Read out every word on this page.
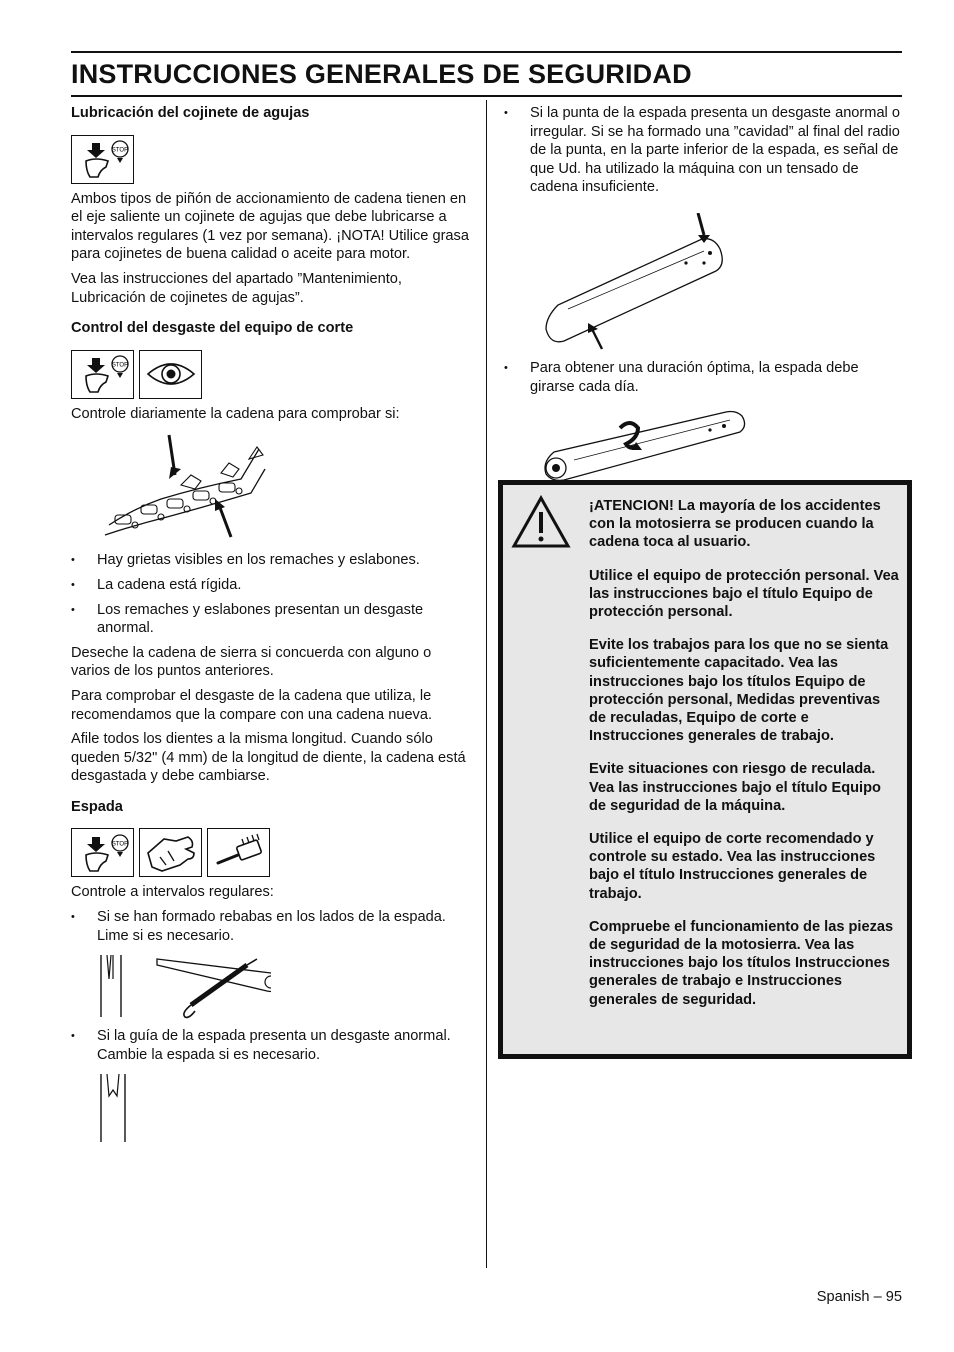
INSTRUCCIONES GENERALES DE SEGURIDAD
Lubricación del cojinete de agujas
STOP

Ambos tipos de piñón de accionamiento de cadena tienen en el eje saliente un cojinete de agujas que debe lubricarse a intervalos regulares (1 vez por semana). ¡NOTA! Utilice grasa para cojinetes de buena calidad o aceite para motor.

Vea las instrucciones del apartado ”Mantenimiento, Lubricación de cojinetes de agujas”.

Control del desgaste del equipo de corte
STOP

Controle diariamente la cadena para comprobar si:

• Hay grietas visibles en los remaches y eslabones.
• La cadena está rígida.
• Los remaches y eslabones presentan un desgaste anormal.

Deseche la cadena de sierra si concuerda con alguno o varios de los puntos anteriores.

Para comprobar el desgaste de la cadena que utiliza, le recomendamos que la compare con una cadena nueva.

Afile todos los dientes a la misma longitud. Cuando sólo queden 5/32" (4 mm) de la longitud de diente, la cadena está desgastada y debe cambiarse.

Espada
STOP

Controle a intervalos regulares:

• Si se han formado rebabas en los lados de la espada. Lime si es necesario.
• Si la guía de la espada presenta un desgaste anormal. Cambie la espada si es necesario.
• Si la punta de la espada presenta un desgaste anormal o irregular. Si se ha formado una ”cavidad” al final del radio de la punta, en la parte inferior de la espada, es señal de que Ud. ha utilizado la máquina con un tensado de cadena insuficiente.
• Para obtener una duración óptima, la espada debe girarse cada día.

¡ATENCION! La mayoría de los accidentes con la motosierra se producen cuando la cadena toca al usuario.

Utilice el equipo de protección personal. Vea las instrucciones bajo el título Equipo de protección personal.

Evite los trabajos para los que no se sienta suficientemente capacitado. Vea las instrucciones bajo los títulos Equipo de protección personal, Medidas preventivas de reculadas, Equipo de corte e Instrucciones generales de trabajo.

Evite situaciones con riesgo de reculada. Vea las instrucciones bajo el título Equipo de seguridad de la máquina.

Utilice el equipo de corte recomendado y controle su estado. Vea las instrucciones bajo el título Instrucciones generales de trabajo.

Compruebe el funcionamiento de las piezas de seguridad de la motosierra. Vea las instrucciones bajo los títulos Instrucciones generales de trabajo e Instrucciones generales de seguridad.

Spanish – 95
